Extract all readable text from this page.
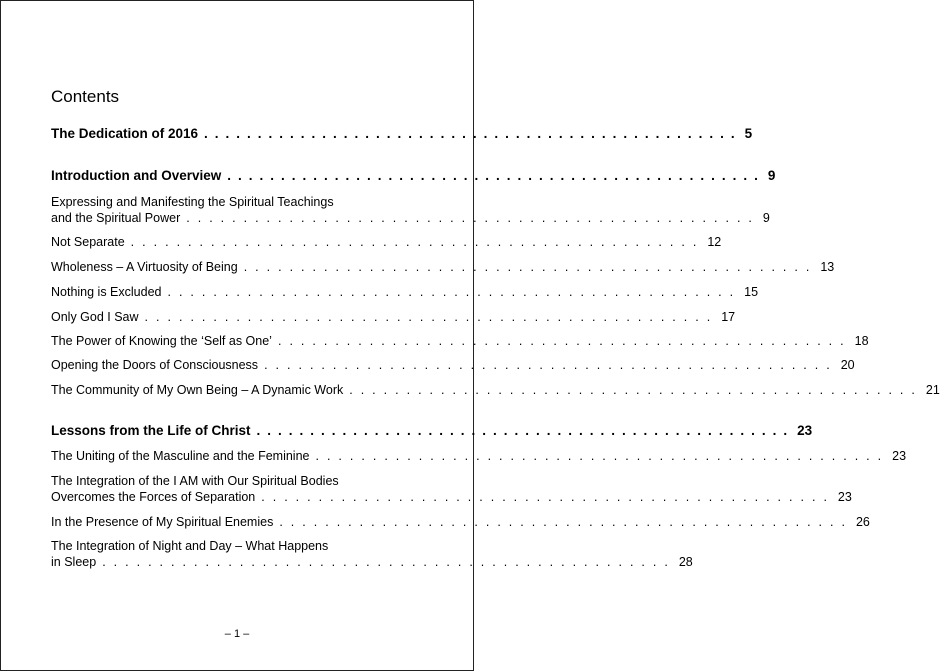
Contents
The Dedication of 2016 .................................................. 5
Introduction and Overview .................................................. 9
Expressing and Manifesting the Spiritual Teachings
and the Spiritual Power .................................................. 9
Not Separate .................................................. 12
Wholeness – A Virtuosity of Being .................................................. 13
Nothing is Excluded .................................................. 15
Only God I Saw .................................................. 17
The Power of Knowing the ‘Self as One’ .................................................. 18
Opening the Doors of Consciousness .................................................. 20
The Community of My Own Being – A Dynamic Work .................................................. 21
Lessons from the Life of Christ .................................................. 23
The Uniting of the Masculine and the Feminine .................................................. 23
The Integration of the I AM with Our Spiritual Bodies
Overcomes the Forces of Separation .................................................. 23
In the Presence of My Spiritual Enemies .................................................. 26
The Integration of Night and Day – What Happens
in Sleep .................................................. 28
– 1 –
